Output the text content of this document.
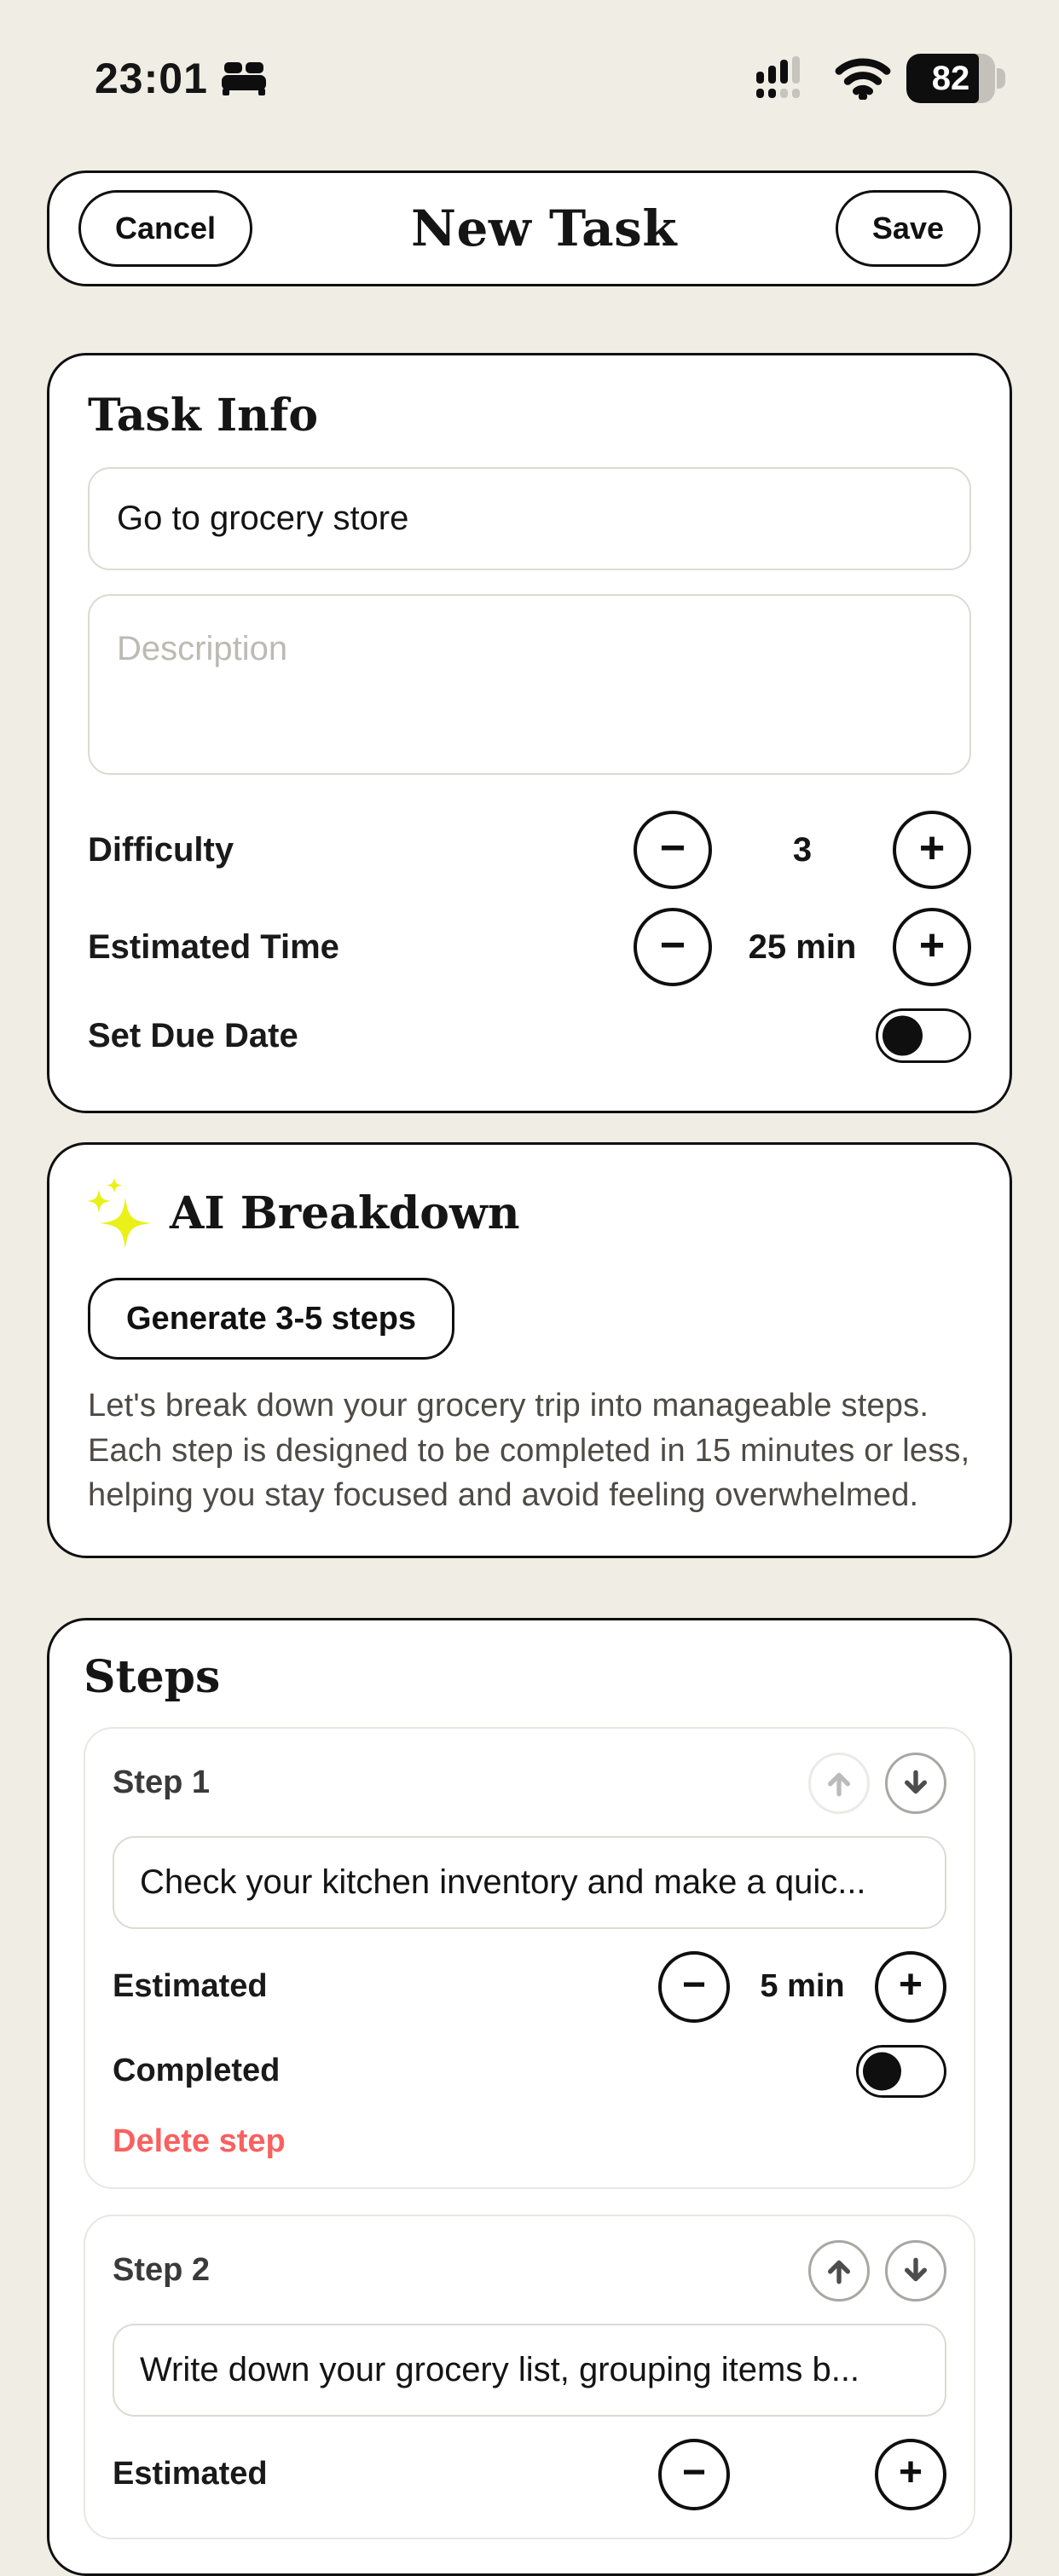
23:01	82
Cancel	New Task	Save
Task Info
Go to grocery store
Description
Difficulty	−	3	+
Estimated Time	−	25 min	+
Set Due Date
AI Breakdown
Generate 3-5 steps
Let's break down your grocery trip into manageable steps. Each step is designed to be completed in 15 minutes or less, helping you stay focused and avoid feeling overwhelmed.
Steps
Step 1
Check your kitchen inventory and make a quic...
Estimated	−	5 min	+
Completed
Delete step
Step 2
Write down your grocery list, grouping items b...
Estimated	−	+
